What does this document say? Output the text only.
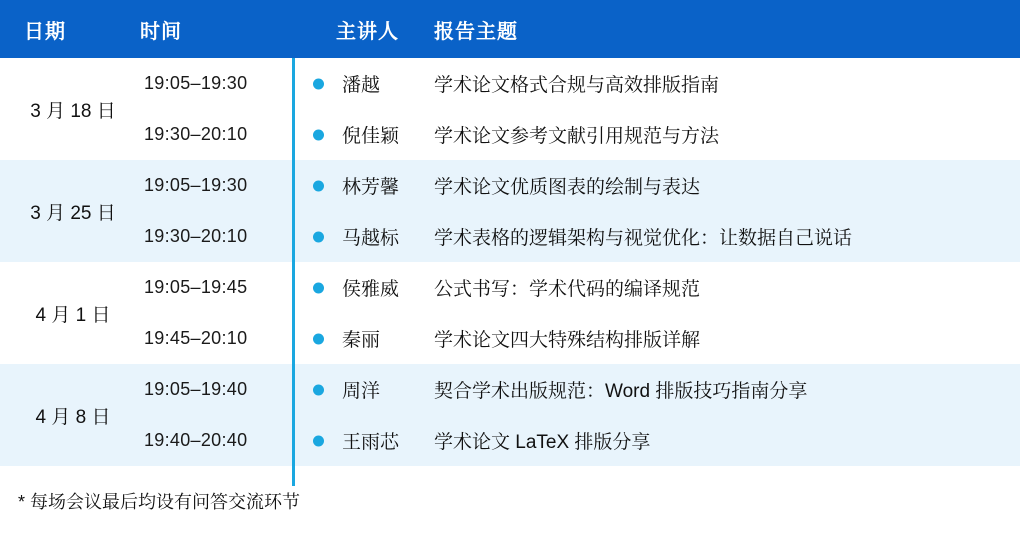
日期	时间	主讲人	报告主题
3 月 18 日
19:05–19:30	潘越	学术论文格式合规与高效排版指南
19:30–20:10	倪佳颖	学术论文参考文献引用规范与方法
3 月 25 日
19:05–19:30	林芳馨	学术论文优质图表的绘制与表达
19:30–20:10	马越标	学术表格的逻辑架构与视觉优化：让数据自己说话
4 月 1 日
19:05–19:45	侯雅威	公式书写：学术代码的编译规范
19:45–20:10	秦丽	学术论文四大特殊结构排版详解
4 月 8 日
19:05–19:40	周洋	契合学术出版规范：Word 排版技巧指南分享
19:40–20:40	王雨芯	学术论文 LaTeX 排版分享
* 每场会议最后均设有问答交流环节
